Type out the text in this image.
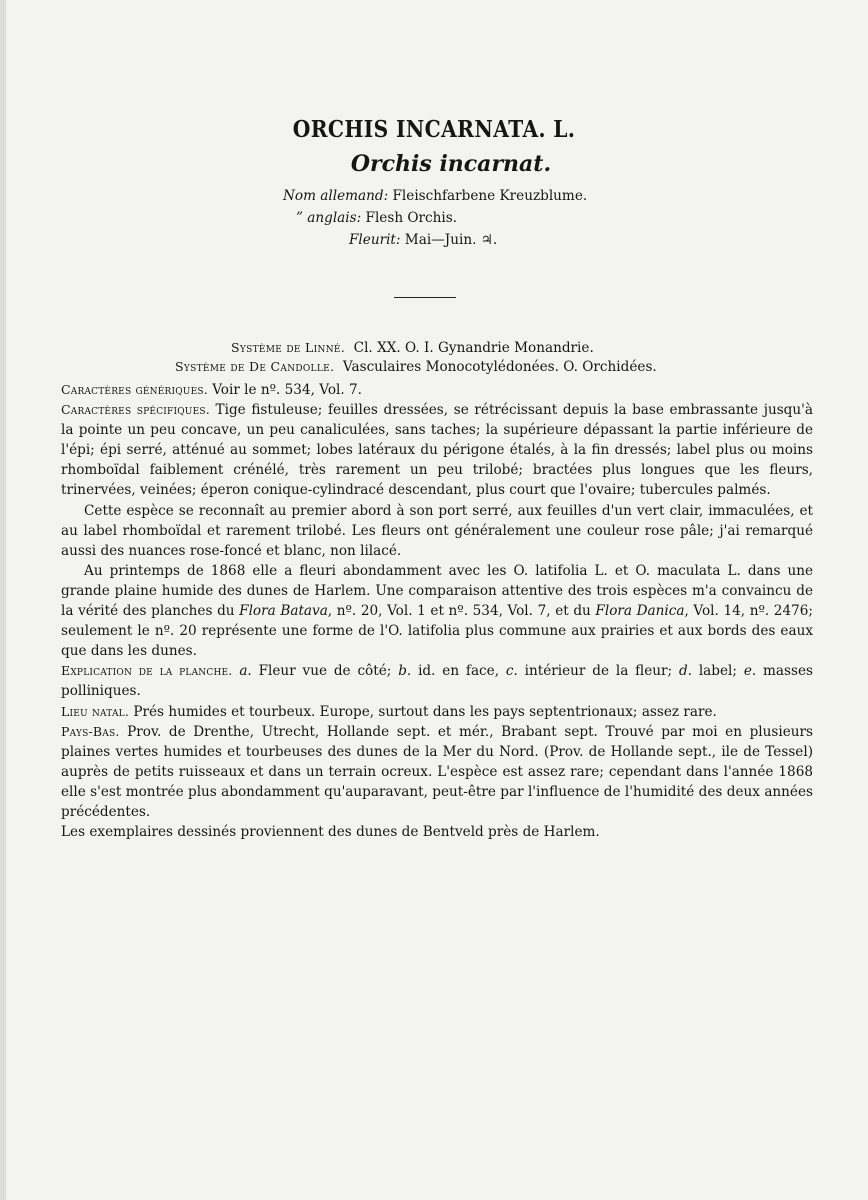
ORCHIS INCARNATA. L.
Orchis incarnat.
Nom allemand: Fleischfarbene Kreuzblume.
” anglais: Flesh Orchis.
Fleurit: Mai—Juin. ♃.
Système de Linné. Cl. XX. O. I. Gynandrie Monandrie.
Système de De Candolle. Vasculaires Monocotylédonées. O. Orchidées.

Caractères génériques. Voir le nº. 534, Vol. 7.

Caractères spécifiques. Tige fistuleuse; feuilles dressées, se rétrécissant depuis la base embrassante jusqu'à la pointe un peu concave, un peu canaliculées, sans taches; la supérieure dépassant la partie inférieure de l'épi; épi serré, atténué au sommet; lobes latéraux du périgone étalés, à la fin dressés; label plus ou moins rhomboïdal faiblement crénélé, très rarement un peu trilobé; bractées plus longues que les fleurs, trinervées, veinées; éperon conique-cylindracé descendant, plus court que l'ovaire; tubercules palmés.

Cette espèce se reconnaît au premier abord à son port serré, aux feuilles d'un vert clair, immaculées, et au label rhomboïdal et rarement trilobé. Les fleurs ont généralement une couleur rose pâle; j'ai remarqué aussi des nuances rose-foncé et blanc, non lilacé.

Au printemps de 1868 elle a fleuri abondamment avec les O. latifolia L. et O. maculata L. dans une grande plaine humide des dunes de Harlem. Une comparaison attentive des trois espèces m'a convaincu de la vérité des planches du Flora Batava, nº. 20, Vol. 1 et nº. 534, Vol. 7, et du Flora Danica, Vol. 14, nº. 2476; seulement le nº. 20 représente une forme de l'O. latifolia plus commune aux prairies et aux bords des eaux que dans les dunes.

Explication de la planche. a. Fleur vue de côté; b. id. en face, c. intérieur de la fleur; d. label; e. masses polliniques.

Lieu natal. Prés humides et tourbeux. Europe, surtout dans les pays septentrionaux; assez rare.

Pays-Bas. Prov. de Drenthe, Utrecht, Hollande sept. et mér., Brabant sept. Trouvé par moi en plusieurs plaines vertes humides et tourbeuses des dunes de la Mer du Nord. (Prov. de Hollande sept., ile de Tessel) auprès de petits ruisseaux et dans un terrain ocreux. L'espèce est assez rare; cependant dans l'année 1868 elle s'est montrée plus abondamment qu'auparavant, peut-être par l'influence de l'humidité des deux années précédentes.

Les exemplaires dessinés proviennent des dunes de Bentveld près de Harlem.
